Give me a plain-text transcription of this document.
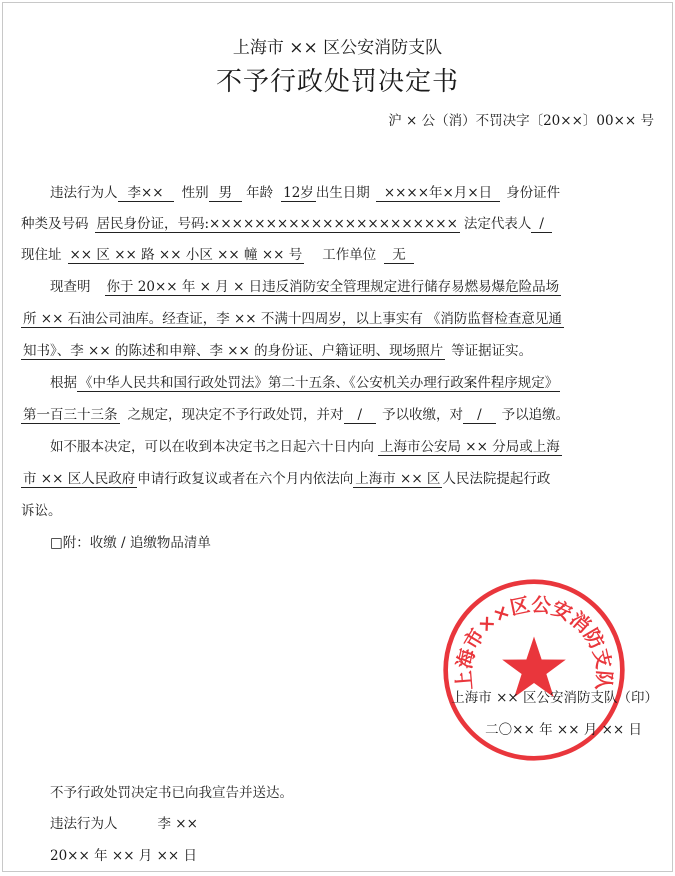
上海市 ×× 区公安消防支队
不予行政处罚决定书
沪 × 公（消）不罚决字〔20××〕00×× 号
违法行为人 李×× 性别 男 年龄 12岁 出生日期 ××××年×月×日 身份证件
种类及号码 居民身份证，号码:×××××××××××××××××××××× 法定代表人 /
现住址 ×× 区 ×× 路 ×× 小区 ×× 幢 ×× 号 工作单位 无
现查明 你于 20×× 年 × 月 × 日违反消防安全管理规定进行储存易燃易爆危险品场
所 ×× 石油公司油库。经查证，李 ×× 不满十四周岁，以上事实有 《消防监督检查意见通
知书》、李 ×× 的陈述和申辩、李 ×× 的身份证、户籍证明、现场照片 等证据证实。
根据 《中华人民共和国行政处罚法》第二十五条、《公安机关办理行政案件程序规定》
第一百三十三条 之规定，现决定不予行政处罚，并对 / 予以收缴，对 / 予以追缴。
如不服本决定，可以在收到本决定书之日起六十日内向 上海市公安局 ×× 分局或上海
市 ×× 区人民政府 申请行政复议或者在六个月内依法向 上海市 ×× 区 人民法院提起行政
诉讼。
□附：收缴 / 追缴物品清单
上海市××区公安消防支队
上海市 ×× 区公安消防支队（印）
二〇×× 年 ×× 月 ×× 日
不予行政处罚决定书已向我宣告并送达。
违法行为人	李 ××
20×× 年 ×× 月 ×× 日
